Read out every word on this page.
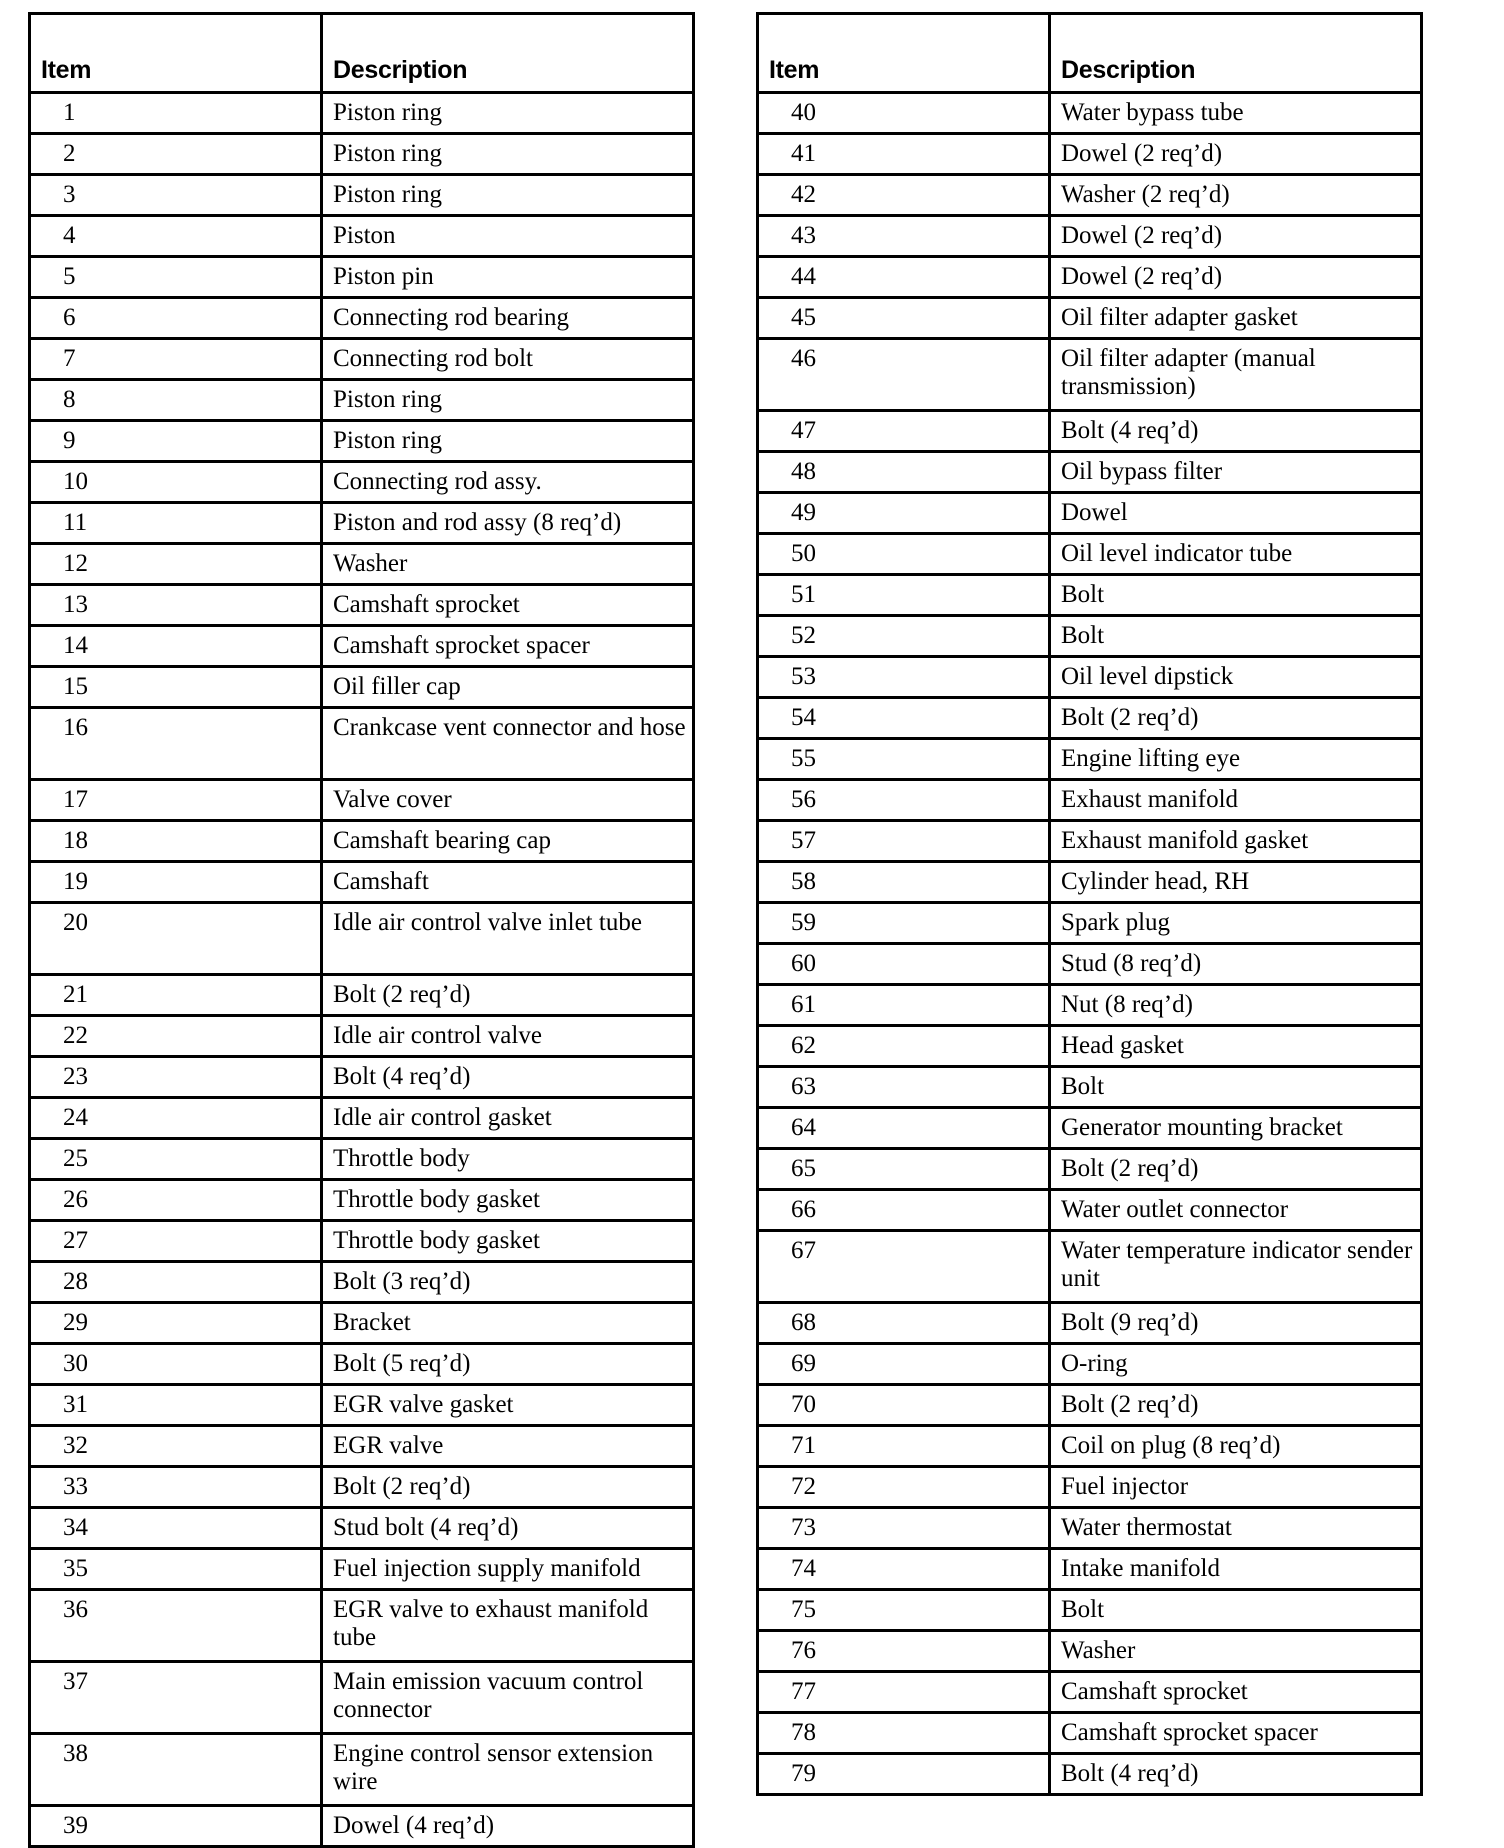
Item	Description
1	Piston ring
2	Piston ring
3	Piston ring
4	Piston
5	Piston pin
6	Connecting rod bearing
7	Connecting rod bolt
8	Piston ring
9	Piston ring
10	Connecting rod assy.
11	Piston and rod assy (8 req’d)
12	Washer
13	Camshaft sprocket
14	Camshaft sprocket spacer
15	Oil filler cap
16	Crankcase vent connector and hose
17	Valve cover
18	Camshaft bearing cap
19	Camshaft
20	Idle air control valve inlet tube
21	Bolt (2 req’d)
22	Idle air control valve
23	Bolt (4 req’d)
24	Idle air control gasket
25	Throttle body
26	Throttle body gasket
27	Throttle body gasket
28	Bolt (3 req’d)
29	Bracket
30	Bolt (5 req’d)
31	EGR valve gasket
32	EGR valve
33	Bolt (2 req’d)
34	Stud bolt (4 req’d)
35	Fuel injection supply manifold
36	EGR valve to exhaust manifold tube
37	Main emission vacuum control connector
38	Engine control sensor extension wire
39	Dowel (4 req’d)
Item	Description
40	Water bypass tube
41	Dowel (2 req’d)
42	Washer (2 req’d)
43	Dowel (2 req’d)
44	Dowel (2 req’d)
45	Oil filter adapter gasket
46	Oil filter adapter (manual transmission)
47	Bolt (4 req’d)
48	Oil bypass filter
49	Dowel
50	Oil level indicator tube
51	Bolt
52	Bolt
53	Oil level dipstick
54	Bolt (2 req’d)
55	Engine lifting eye
56	Exhaust manifold
57	Exhaust manifold gasket
58	Cylinder head, RH
59	Spark plug
60	Stud (8 req’d)
61	Nut (8 req’d)
62	Head gasket
63	Bolt
64	Generator mounting bracket
65	Bolt (2 req’d)
66	Water outlet connector
67	Water temperature indicator sender unit
68	Bolt (9 req’d)
69	O-ring
70	Bolt (2 req’d)
71	Coil on plug (8 req’d)
72	Fuel injector
73	Water thermostat
74	Intake manifold
75	Bolt
76	Washer
77	Camshaft sprocket
78	Camshaft sprocket spacer
79	Bolt (4 req’d)
